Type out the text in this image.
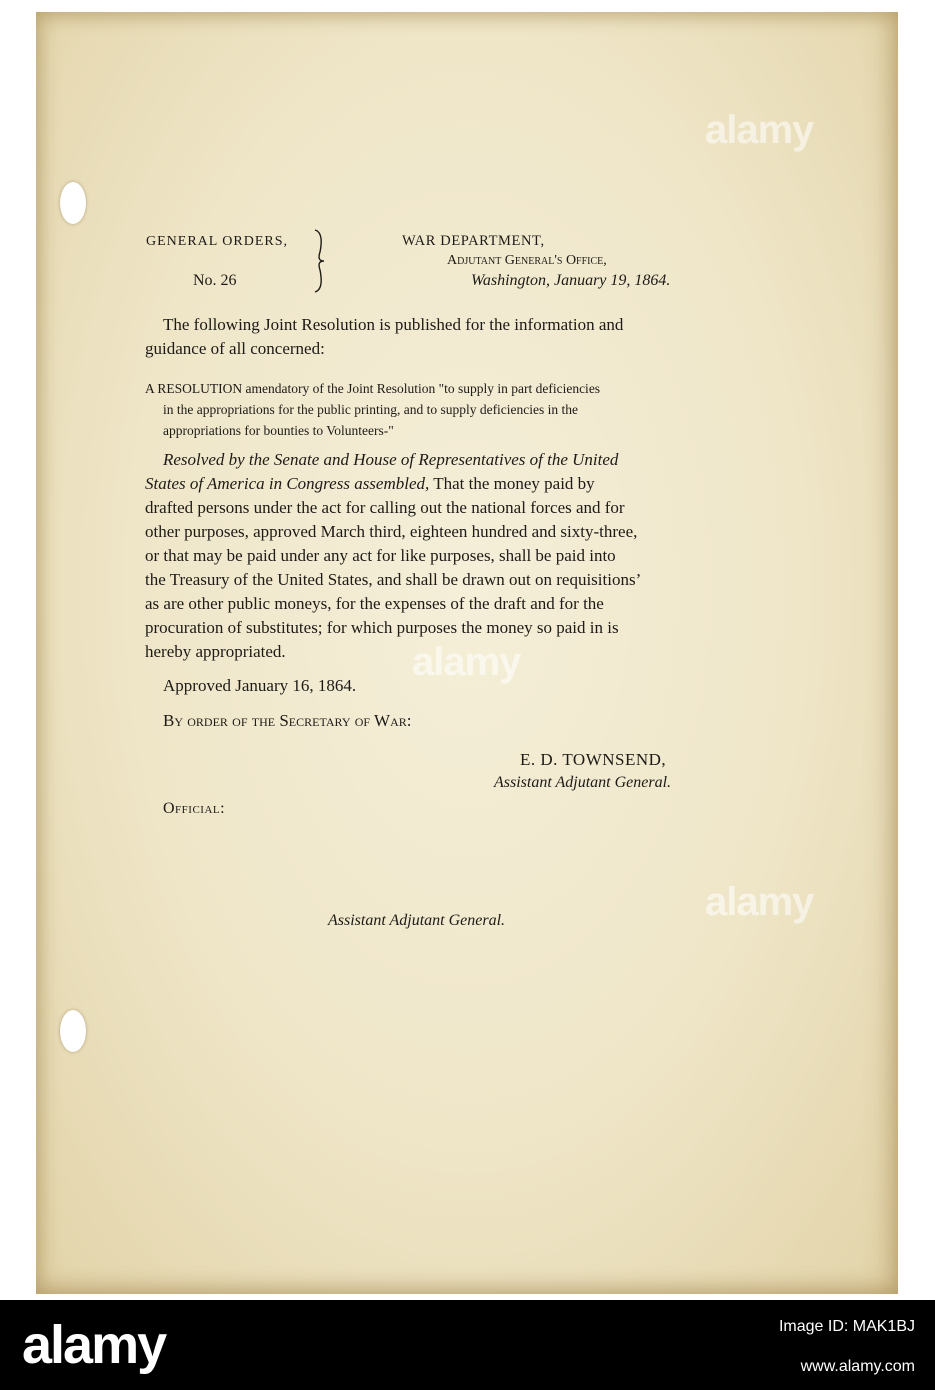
alamy
alamy
alamy

GENERAL ORDERS,

No. 26

WAR DEPARTMENT,

Adjutant General's Office,

Washington, January 19, 1864.

The following Joint Resolution is published for the information and

guidance of all concerned:

A RESOLUTION amendatory of the Joint Resolution "to supply in part deficiencies

in the appropriations for the public printing, and to supply deficiencies in the

appropriations for bounties to Volunteers-"

Resolved by the Senate and House of Representatives of the United

States of America in Congress assembled, That the money paid by

drafted persons under the act for calling out the national forces and for

other purposes, approved March third, eighteen hundred and sixty-three,

or that may be paid under any act for like purposes, shall be paid into

the Treasury of the United States, and shall be drawn out on requisitions’

as are other public moneys, for the expenses of the draft and for the

procuration of substitutes; for which purposes the money so paid in is

hereby appropriated.

Approved January 16, 1864.

By order of the Secretary of War:

E. D. TOWNSEND,

Assistant Adjutant General.

Official:

Assistant Adjutant General.

alamy	Image ID: MAK1BJ
www.alamy.com
